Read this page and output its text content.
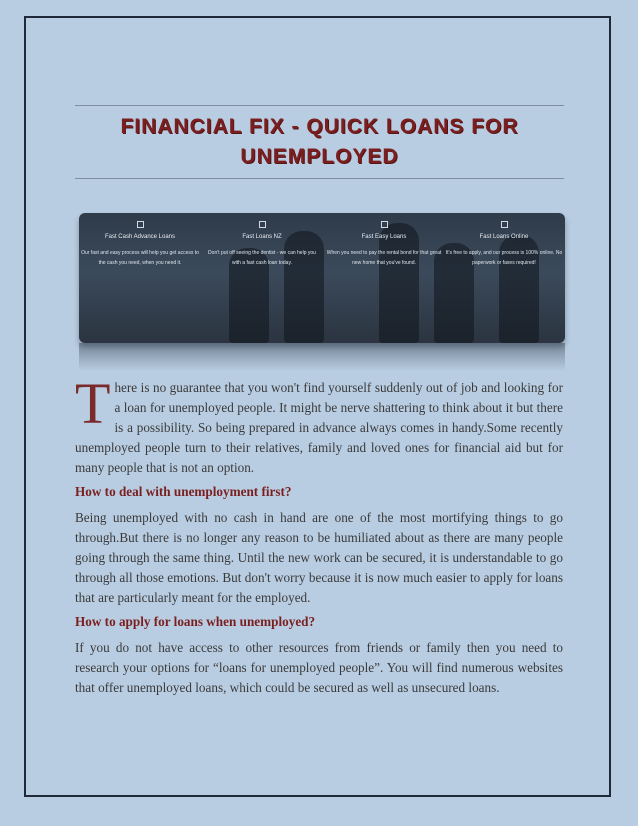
FINANCIAL FIX - QUICK LOANS FOR UNEMPLOYED
Fast Cash Advance Loans
Our fast and easy process will help you get access to the cash you need, when you need it.
Fast Loans NZ
Don't put off seeing the dentist - we can help you with a fast cash loan today.
Fast Easy Loans
When you need to pay the rental bond for that great new home that you've found.
Fast Loans Online
It's free to apply, and our process is 100% online. No paperwork or faxes required!

There is no guarantee that you won't find yourself suddenly out of job and looking for a loan for unemployed people. It might be nerve shattering to think about it but there is a possibility. So being prepared in advance always comes in handy.Some recently unemployed people turn to their relatives, family and loved ones for financial aid but for many people that is not an option.

How to deal with unemployment first?

Being unemployed with no cash in hand are one of the most mortifying things to go through.But there is no longer any reason to be humiliated about as there are many people going through the same thing. Until the new work can be secured, it is understandable to go through all those emotions. But don't worry because it is now much easier to apply for loans that are particularly meant for the employed.

How to apply for loans when unemployed?

If you do not have access to other resources from friends or family then you need to research your options for “loans for unemployed people”. You will find numerous websites that offer unemployed loans, which could be secured as well as unsecured loans.
